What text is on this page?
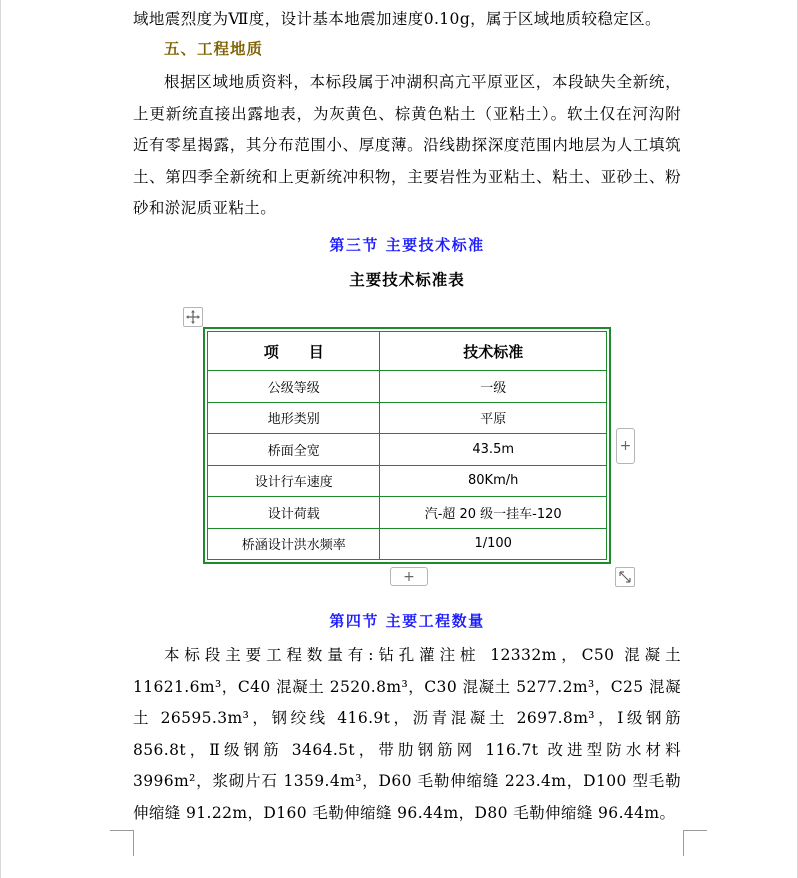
域地震烈度为Ⅶ度，设计基本地震加速度0.10g，属于区域地质较稳定区。

五、工程地质

根据区域地质资料，本标段属于冲湖积高亢平原亚区，本段缺失全新统，上更新统直接出露地表，为灰黄色、棕黄色粘土（亚粘土）。软土仅在河沟附近有零星揭露，其分布范围小、厚度薄。沿线勘探深度范围内地层为人工填筑土、第四季全新统和上更新统冲积物，主要岩性为亚粘土、粘土、亚砂土、粉砂和淤泥质亚粘土。

第三节 主要技术标准
主要技术标准表
项　　目	技术标准
公级等级	一级
地形类别	平原
桥面全宽	43.5m
设计行车速度	80Km/h
设计荷载	汽-超 20 级一挂车-120
桥涵设计洪水频率	1/100
+
+
第四节 主要工程数量

本标段主要工程数量有:钻孔灌注桩 12332m，C50 混凝土 11621.6m³，C40 混凝土 2520.8m³，C30 混凝土 5277.2m³，C25 混凝土 26595.3m³，钢绞线 416.9t，沥青混凝土 2697.8m³，Ⅰ级钢筋 856.8t，Ⅱ级钢筋 3464.5t，带肋钢筋网 116.7t 改进型防水材料 3996m²，浆砌片石 1359.4m³，D60 毛勒伸缩缝 223.4m，D100 型毛勒伸缩缝 91.22m，D160 毛勒伸缩缝 96.44m，D80 毛勒伸缩缝 96.44m。
